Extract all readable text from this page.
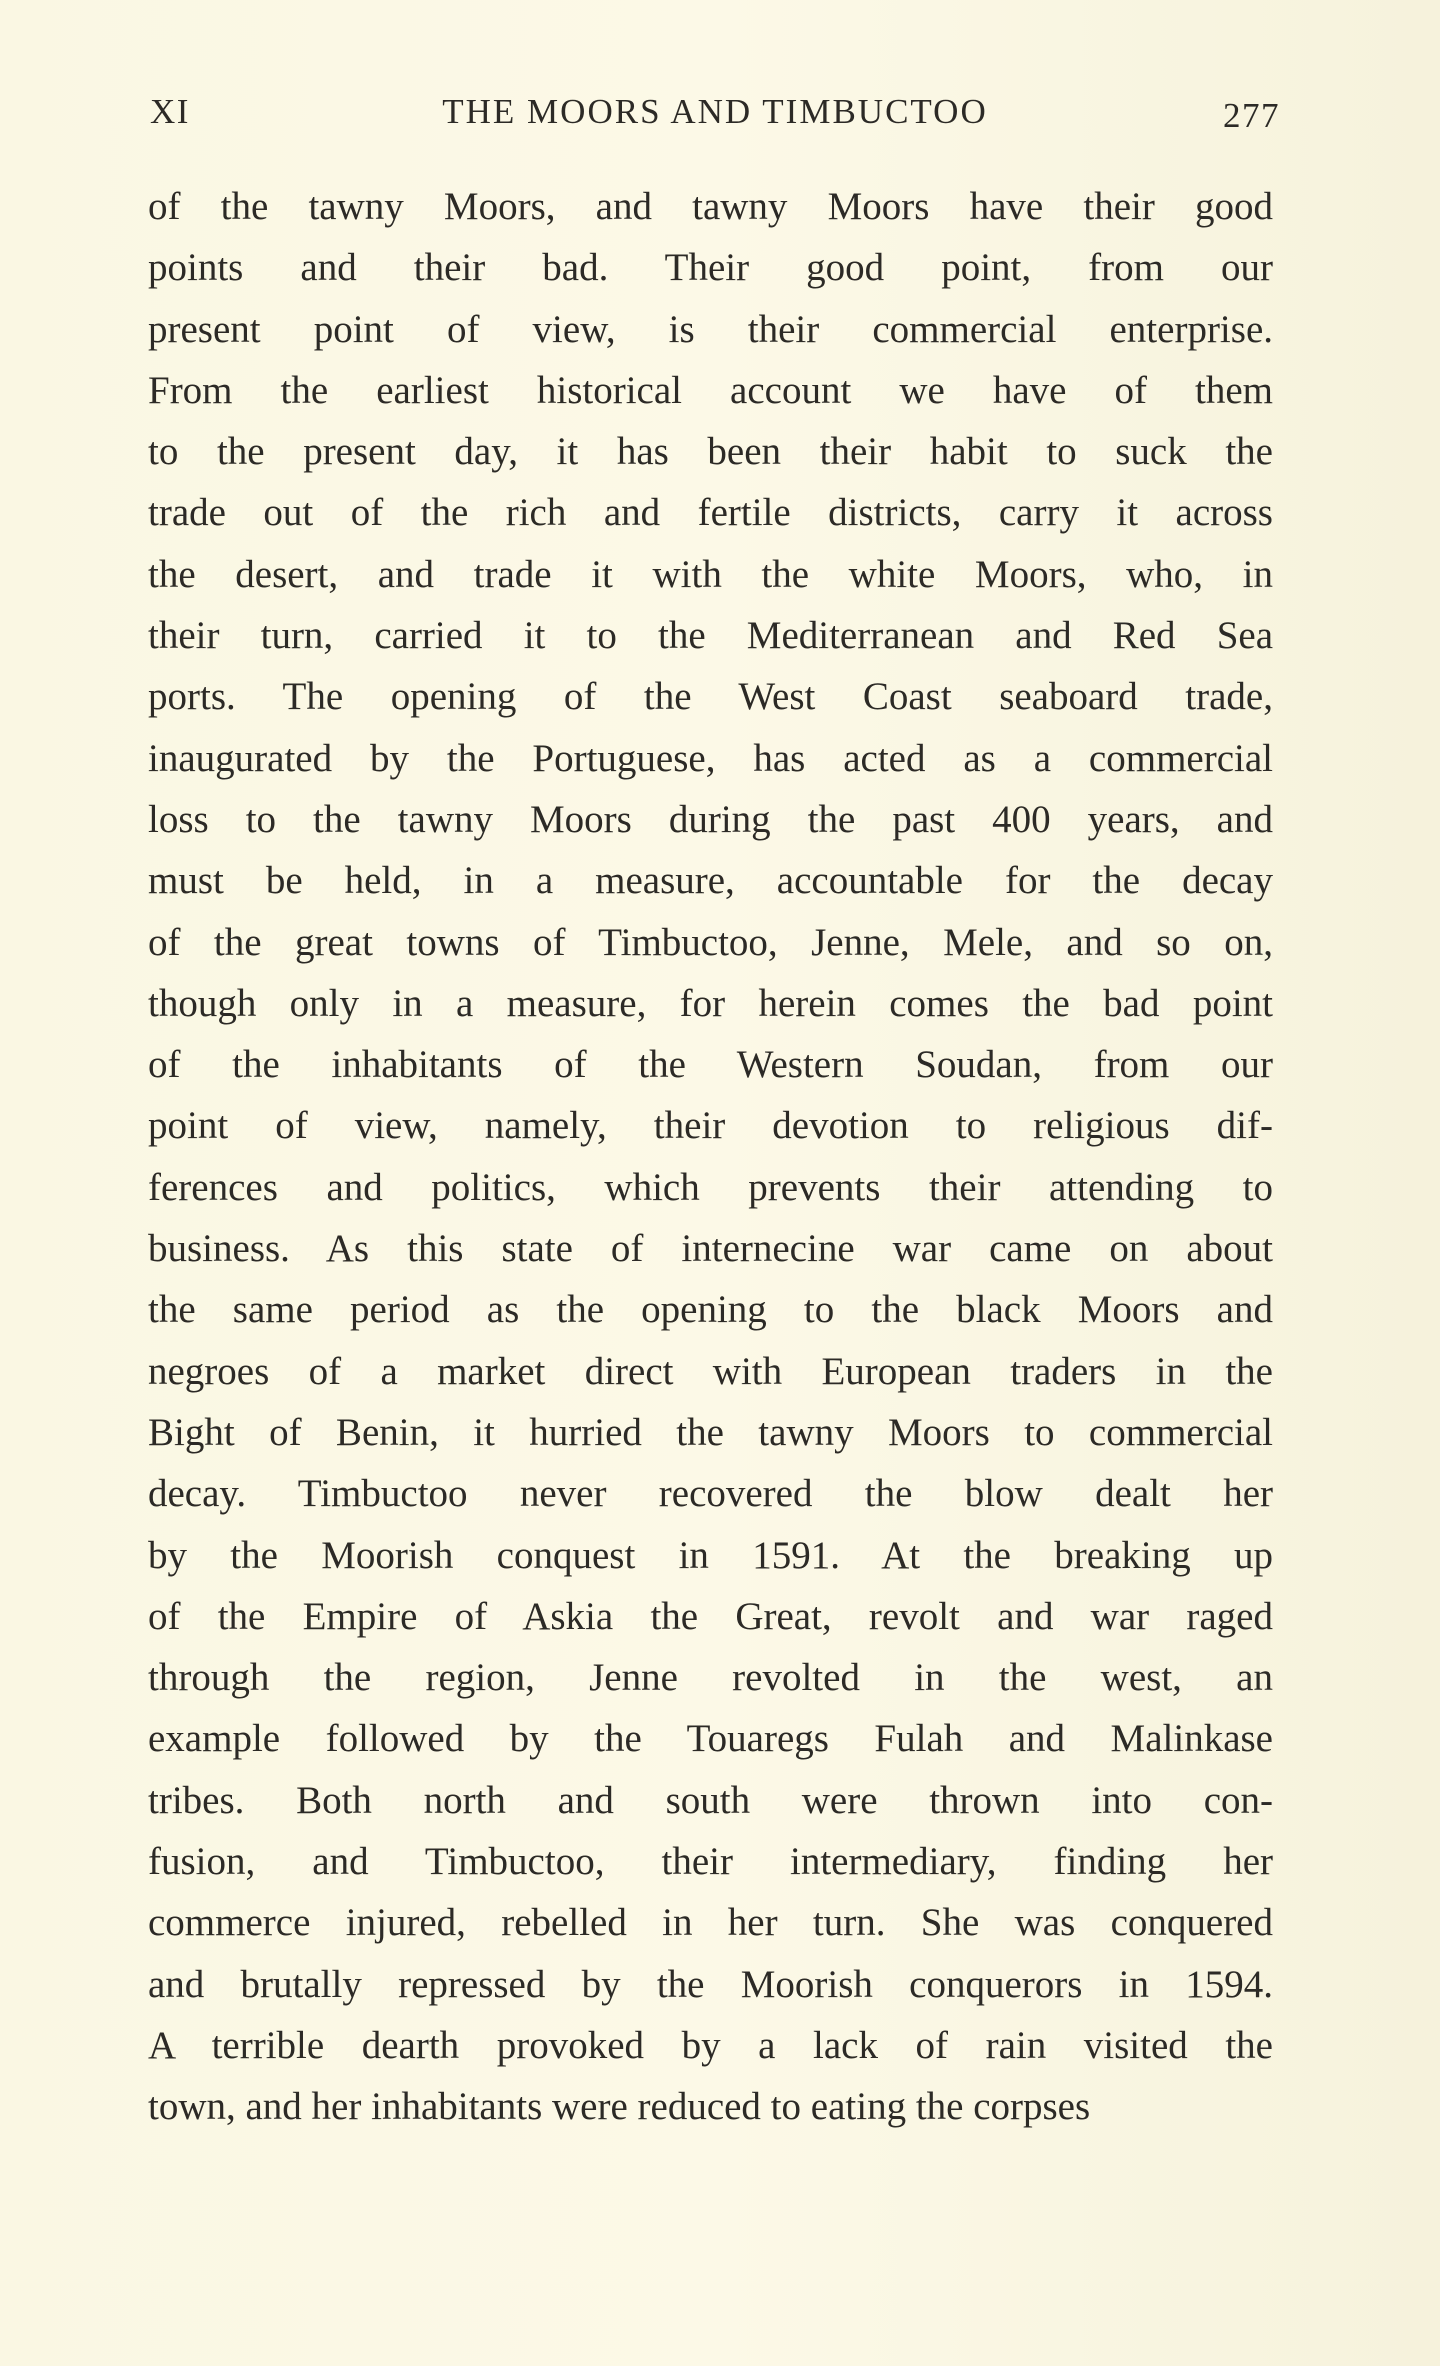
XI	THE MOORS AND TIMBUCTOO	277
of the tawny Moors, and tawny Moors have their good
points and their bad. Their good point, from our
present point of view, is their commercial enterprise.
From the earliest historical account we have of them
to the present day, it has been their habit to suck the
trade out of the rich and fertile districts, carry it across
the desert, and trade it with the white Moors, who, in
their turn, carried it to the Mediterranean and Red Sea
ports. The opening of the West Coast seaboard trade,
inaugurated by the Portuguese, has acted as a commercial
loss to the tawny Moors during the past 400 years, and
must be held, in a measure, accountable for the decay
of the great towns of Timbuctoo, Jenne, Mele, and so on,
though only in a measure, for herein comes the bad point
of the inhabitants of the Western Soudan, from our
point of view, namely, their devotion to religious dif-
ferences and politics, which prevents their attending to
business. As this state of internecine war came on about
the same period as the opening to the black Moors and
negroes of a market direct with European traders in the
Bight of Benin, it hurried the tawny Moors to commercial
decay. Timbuctoo never recovered the blow dealt her
by the Moorish conquest in 1591. At the breaking up
of the Empire of Askia the Great, revolt and war raged
through the region, Jenne revolted in the west, an
example followed by the Touaregs Fulah and Malinkase
tribes. Both north and south were thrown into con-
fusion, and Timbuctoo, their intermediary, finding her
commerce injured, rebelled in her turn. She was conquered
and brutally repressed by the Moorish conquerors in 1594.
A terrible dearth provoked by a lack of rain visited the
town, and her inhabitants were reduced to eating the corpses
